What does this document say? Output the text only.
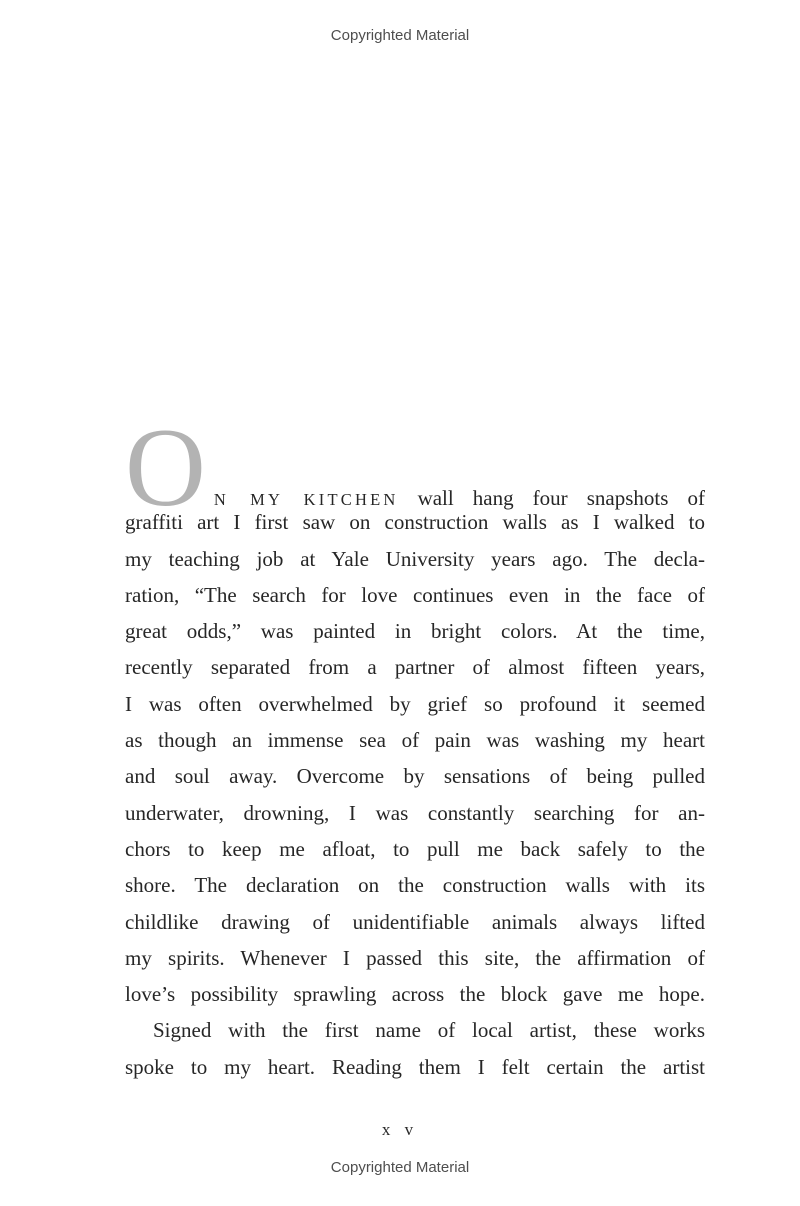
Copyrighted Material
O N MY KITCHEN wall hang four snapshots of
graffiti art I first saw on construction walls as I walked to
my teaching job at Yale University years ago. The decla-
ration, “The search for love continues even in the face of
great odds,” was painted in bright colors. At the time,
recently separated from a partner of almost fifteen years,
I was often overwhelmed by grief so profound it seemed
as though an immense sea of pain was washing my heart
and soul away. Overcome by sensations of being pulled
underwater, drowning, I was constantly searching for an-
chors to keep me afloat, to pull me back safely to the
shore. The declaration on the construction walls with its
childlike drawing of unidentifiable animals always lifted
my spirits. Whenever I passed this site, the affirmation of
love’s possibility sprawling across the block gave me hope.
Signed with the first name of local artist, these works
spoke to my heart. Reading them I felt certain the artist
x v
Copyrighted Material
